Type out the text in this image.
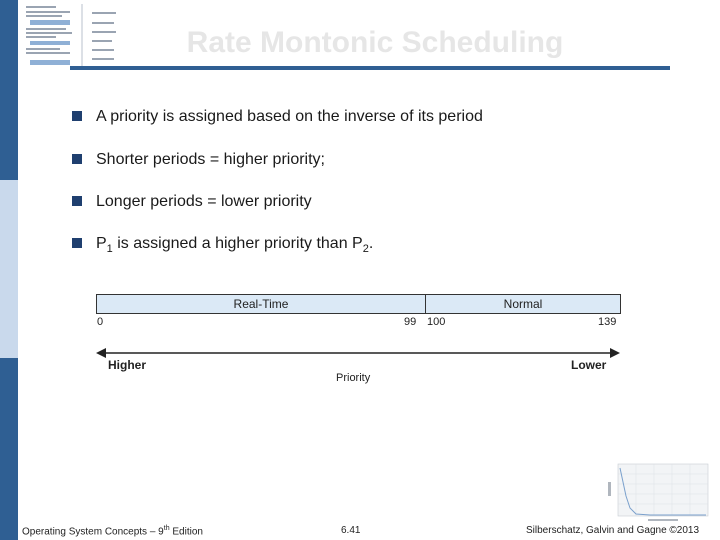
Rate Montonic Scheduling
A priority is assigned based on the inverse of its period
Shorter periods = higher priority;
Longer periods = lower priority
$P_1$ is assigned a higher priority than $P_2$.
Real-Time	Normal
0	99 100	139
Higher	Lower
Priority
Operating System Concepts – 9th Edition	6.41	Silberschatz, Galvin and Gagne ©2013
